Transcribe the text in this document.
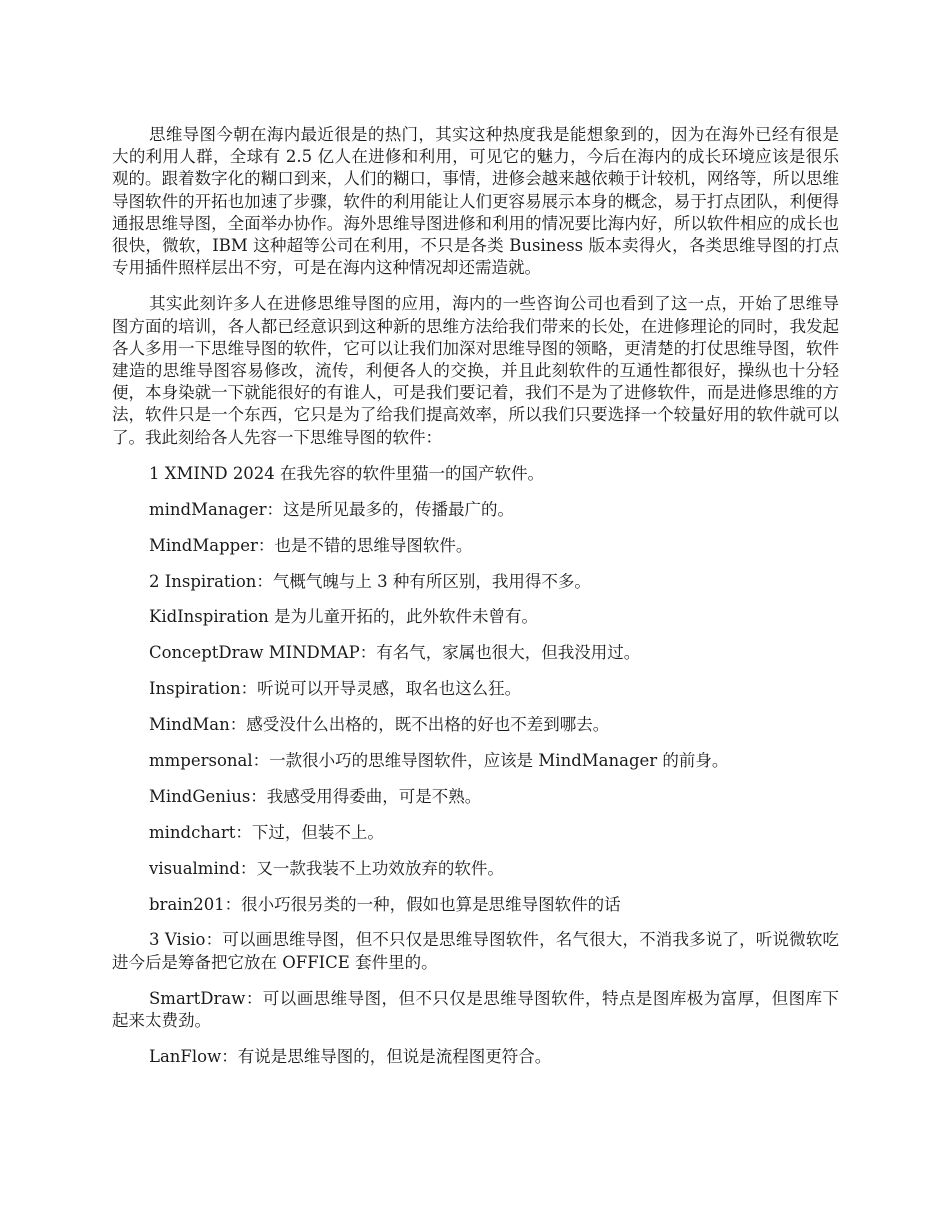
思维导图今朝在海内最近很是的热门，其实这种热度我是能想象到的，因为在海外已经有很是大的利用人群，全球有 2.5 亿人在进修和利用，可见它的魅力，今后在海内的成长环境应该是很乐观的。跟着数字化的糊口到来，人们的糊口，事情，进修会越来越依赖于计较机，网络等，所以思维导图软件的开拓也加速了步骤，软件的利用能让人们更容易展示本身的概念，易于打点团队，利便得通报思维导图，全面举办协作。海外思维导图进修和利用的情况要比海内好，所以软件相应的成长也很快，微软，IBM 这种超等公司在利用，不只是各类 Business 版本卖得火，各类思维导图的打点专用插件照样层出不穷，可是在海内这种情况却还需造就。

其实此刻许多人在进修思维导图的应用，海内的一些咨询公司也看到了这一点，开始了思维导图方面的培训，各人都已经意识到这种新的思维方法给我们带来的长处，在进修理论的同时，我发起各人多用一下思维导图的软件，它可以让我们加深对思维导图的领略，更清楚的打仗思维导图，软件建造的思维导图容易修改，流传，利便各人的交换，并且此刻软件的互通性都很好，操纵也十分轻便，本身染就一下就能很好的有谁人，可是我们要记着，我们不是为了进修软件，而是进修思维的方法，软件只是一个东西，它只是为了给我们提高效率，所以我们只要选择一个较量好用的软件就可以了。我此刻给各人先容一下思维导图的软件：

1 XMIND 2024 在我先容的软件里猫一的国产软件。

mindManager：这是所见最多的，传播最广的。

MindMapper：也是不错的思维导图软件。

2 Inspiration：气概气魄与上 3 种有所区别，我用得不多。

KidInspiration 是为儿童开拓的，此外软件未曾有。

ConceptDraw MINDMAP：有名气，家属也很大，但我没用过。

Inspiration：听说可以开导灵感，取名也这么狂。

MindMan：感受没什么出格的，既不出格的好也不差到哪去。

mmpersonal：一款很小巧的思维导图软件，应该是 MindManager 的前身。

MindGenius：我感受用得委曲，可是不熟。

mindchart：下过，但装不上。

visualmind：又一款我装不上功效放弃的软件。

brain201：很小巧很另类的一种，假如也算是思维导图软件的话

3 Visio：可以画思维导图，但不只仅是思维导图软件，名气很大，不消我多说了，听说微软吃进今后是筹备把它放在 OFFICE 套件里的。

SmartDraw：可以画思维导图，但不只仅是思维导图软件，特点是图库极为富厚，但图库下起来太费劲。

LanFlow：有说是思维导图的，但说是流程图更符合。
